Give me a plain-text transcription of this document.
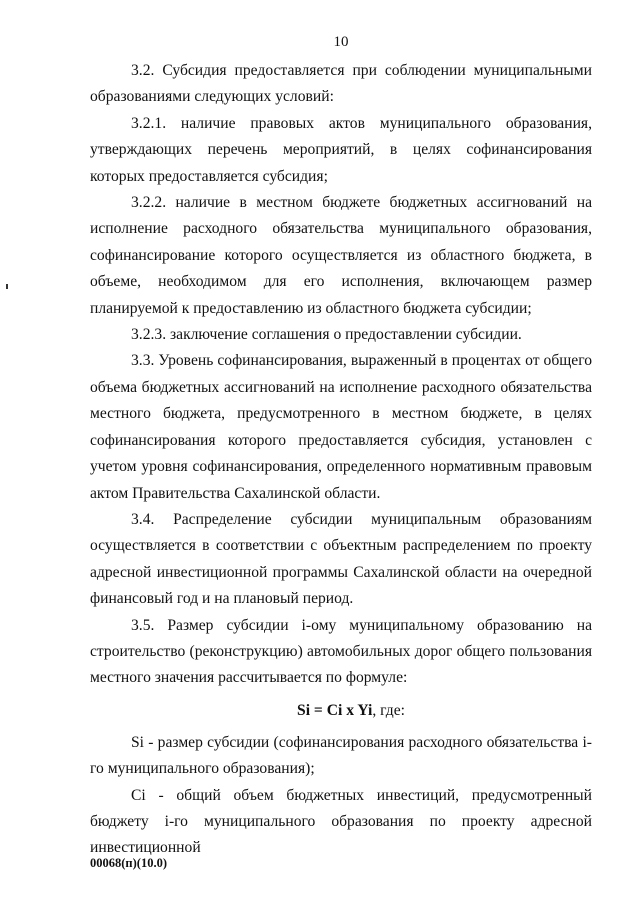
10

3.2. Субсидия предоставляется при соблюдении муниципальными образованиями следующих условий:

3.2.1. наличие правовых актов муниципального образования, утверждающих перечень мероприятий, в целях софинансирования которых предоставляется субсидия;

3.2.2. наличие в местном бюджете бюджетных ассигнований на исполнение расходного обязательства муниципального образования, софинансирование которого осуществляется из областного бюджета, в объеме, необходимом для его исполнения, включающем размер планируемой к предоставлению из областного бюджета субсидии;

3.2.3. заключение соглашения о предоставлении субсидии.

3.3. Уровень софинансирования, выраженный в процентах от общего объема бюджетных ассигнований на исполнение расходного обязательства местного бюджета, предусмотренного в местном бюджете, в целях софинансирования которого предоставляется субсидия, установлен с учетом уровня софинансирования, определенного нормативным правовым актом Правительства Сахалинской области.

3.4. Распределение субсидии муниципальным образованиям осуществляется в соответствии с объектным распределением по проекту адресной инвестиционной программы Сахалинской области на очередной финансовый год и на плановый период.

3.5. Размер субсидии i-ому муниципальному образованию на строительство (реконструкцию) автомобильных дорог общего пользования местного значения рассчитывается по формуле:

Si = Ci x Yi, где:

Si - размер субсидии (софинансирования расходного обязательства i-го муниципального образования);

Ci - общий объем бюджетных инвестиций, предусмотренный бюджету i-го муниципального образования по проекту адресной инвестиционной

00068(п)(10.0)
